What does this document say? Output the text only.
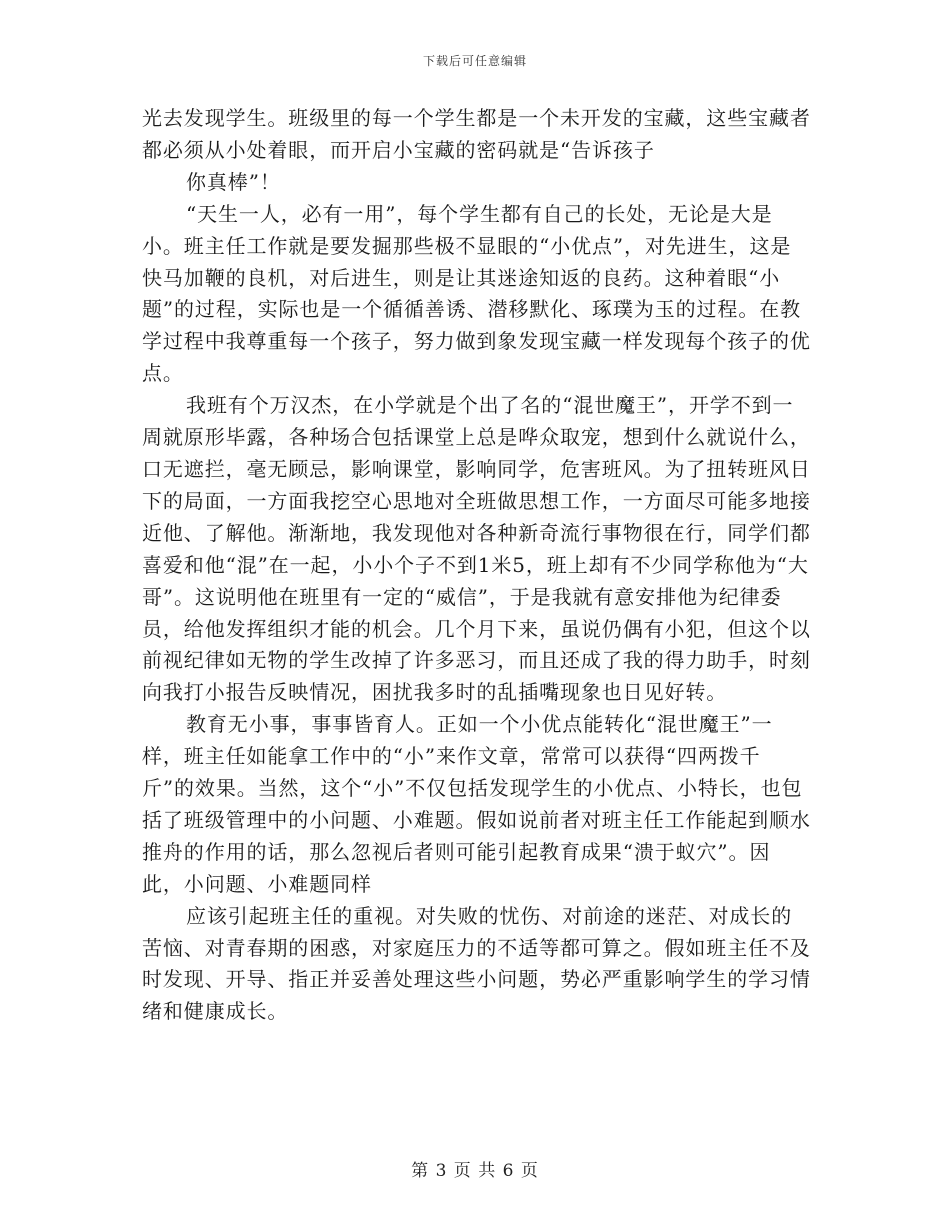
下载后可任意编辑

光去发现学生。班级里的每一个学生都是一个未开发的宝藏，这些宝藏者都必须从小处着眼，而开启小宝藏的密码就是“告诉孩子

你真棒”！

“天生一人，必有一用”，每个学生都有自己的长处，无论是大是小。班主任工作就是要发掘那些极不显眼的“小优点”，对先进生，这是快马加鞭的良机，对后进生，则是让其迷途知返的良药。这种着眼“小题”的过程，实际也是一个循循善诱、潜移默化、琢璞为玉的过程。在教学过程中我尊重每一个孩子，努力做到象发现宝藏一样发现每个孩子的优点。

我班有个万汉杰，在小学就是个出了名的“混世魔王”，开学不到一周就原形毕露，各种场合包括课堂上总是哗众取宠，想到什么就说什么，口无遮拦，毫无顾忌，影响课堂，影响同学，危害班风。为了扭转班风日下的局面，一方面我挖空心思地对全班做思想工作，一方面尽可能多地接近他、了解他。渐渐地，我发现他对各种新奇流行事物很在行，同学们都喜爱和他“混”在一起，小小个子不到1米5，班上却有不少同学称他为“大哥”。这说明他在班里有一定的“威信”，于是我就有意安排他为纪律委员，给他发挥组织才能的机会。几个月下来，虽说仍偶有小犯，但这个以前视纪律如无物的学生改掉了许多恶习，而且还成了我的得力助手，时刻向我打小报告反映情况，困扰我多时的乱插嘴现象也日见好转。

教育无小事，事事皆育人。正如一个小优点能转化“混世魔王”一样，班主任如能拿工作中的“小”来作文章，常常可以获得“四两拨千斤”的效果。当然，这个“小”不仅包括发现学生的小优点、小特长，也包括了班级管理中的小问题、小难题。假如说前者对班主任工作能起到顺水推舟的作用的话，那么忽视后者则可能引起教育成果“溃于蚁穴”。因此，小问题、小难题同样

应该引起班主任的重视。对失败的忧伤、对前途的迷茫、对成长的苦恼、对青春期的困惑，对家庭压力的不适等都可算之。假如班主任不及时发现、开导、指正并妥善处理这些小问题，势必严重影响学生的学习情绪和健康成长。

第 3 页 共 6 页
